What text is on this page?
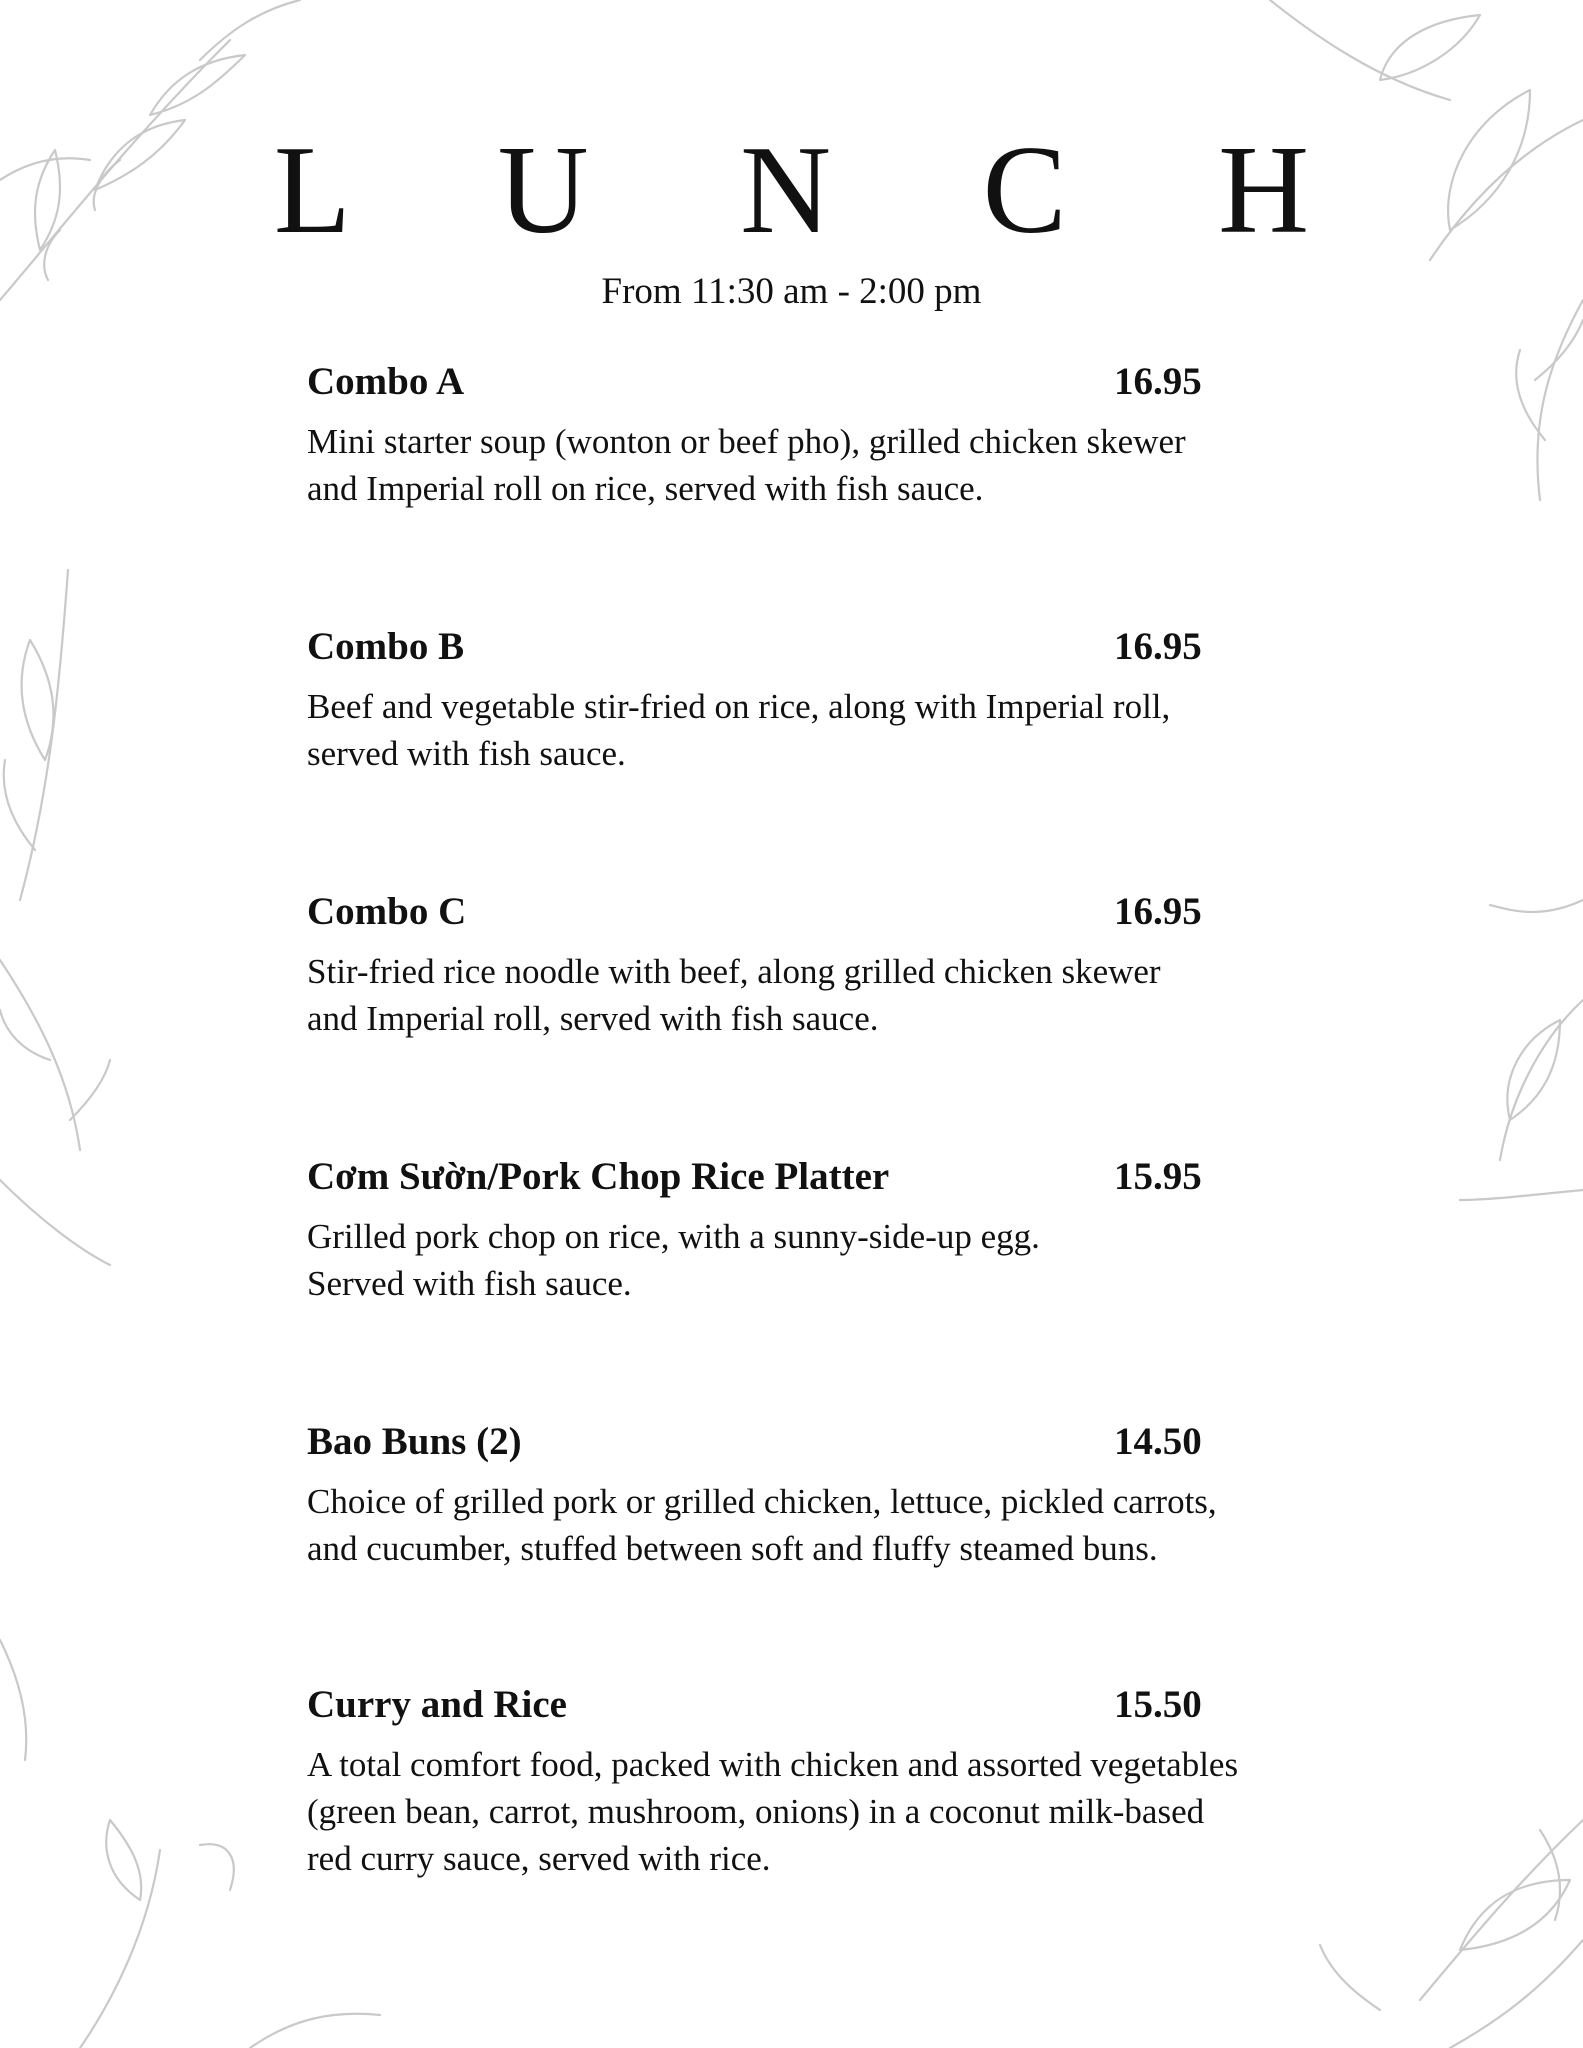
L U N C H
From 11:30 am - 2:00 pm
Combo A	16.95
Mini starter soup (wonton or beef pho), grilled chicken skewer
and Imperial roll on rice, served with fish sauce.
Combo B	16.95
Beef and vegetable stir-fried on rice, along with Imperial roll,
served with fish sauce.
Combo C	16.95
Stir-fried rice noodle with beef, along grilled chicken skewer
and Imperial roll, served with fish sauce.
Cơm Sườn/Pork Chop Rice Platter	15.95
Grilled pork chop on rice, with a sunny-side-up egg.
Served with fish sauce.
Bao Buns (2)	14.50
Choice of grilled pork or grilled chicken, lettuce, pickled carrots,
and cucumber, stuffed between soft and fluffy steamed buns.
Curry and Rice	15.50
A total comfort food, packed with chicken and assorted vegetables
(green bean, carrot, mushroom, onions) in a coconut milk-based
red curry sauce, served with rice.
